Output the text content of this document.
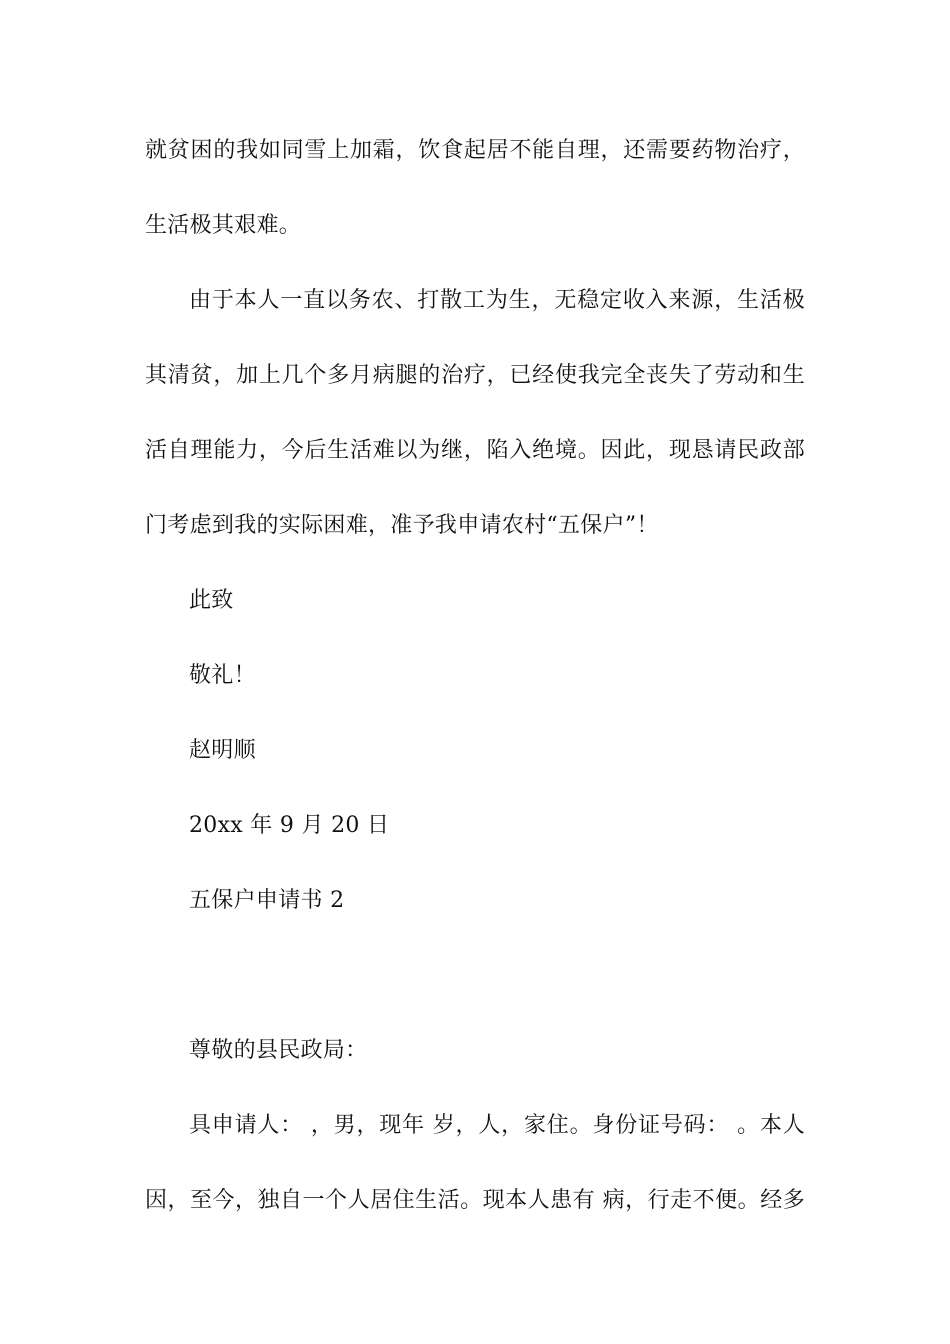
就贫困的我如同雪上加霜，饮食起居不能自理，还需要药物治疗，
生活极其艰难。
由于本人一直以务农、打散工为生，无稳定收入来源，生活极
其清贫，加上几个多月病腿的治疗，已经使我完全丧失了劳动和生
活自理能力，今后生活难以为继，陷入绝境。因此，现恳请民政部
门考虑到我的实际困难，准予我申请农村“五保户”！
此致
敬礼！
赵明顺
20xx 年 9 月 20 日
五保户申请书 2
尊敬的县民政局：
具申请人： ，男，现年 岁，人，家住。身份证号码： 。本人
因，至今，独自一个人居住生活。现本人患有 病，行走不便。经多
